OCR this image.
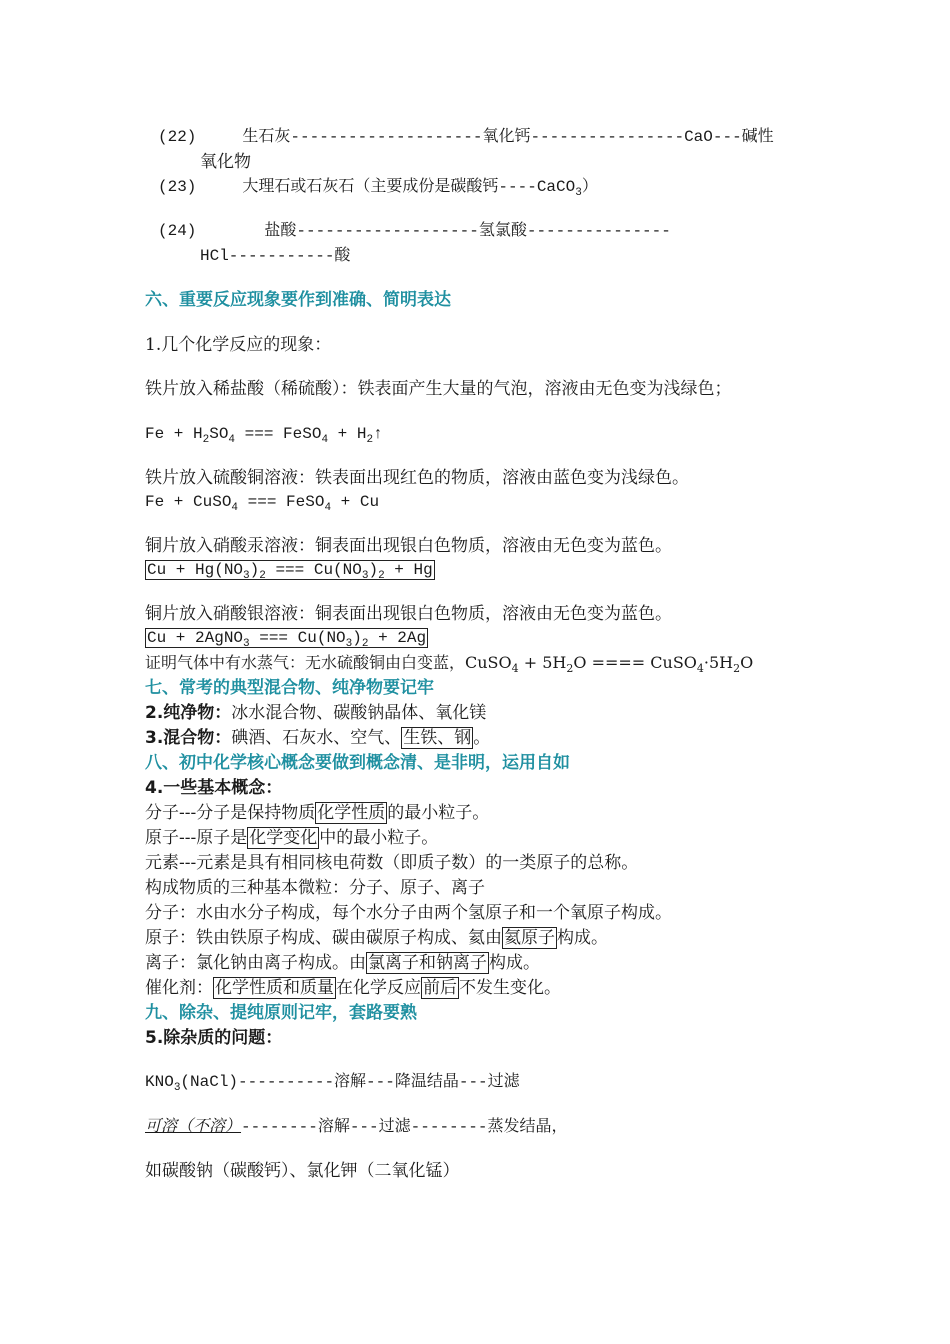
(22)	生石灰--------------------氧化钙----------------CaO---碱性
氧化物
(23)	大理石或石灰石（主要成份是碳酸钙----CaCO$_3$）
(24)	盐酸-------------------氢氯酸---------------
HCl-----------酸
六、重要反应现象要作到准确、简明表达
1.几个化学反应的现象：
铁片放入稀盐酸（稀硫酸）：铁表面产生大量的气泡，溶液由无色变为浅绿色；
$Fe + H_2SO_4$ === FeSO$_4$ + $H_2↑$
铁片放入硫酸铜溶液：铁表面出现红色的物质，溶液由蓝色变为浅绿色。
Fe + CuSO$_4$ === FeSO$_4$ + Cu
铜片放入硝酸汞溶液：铜表面出现银白色物质，溶液由无色变为蓝色。
$Cu + Hg(NO_3)_2$ === $Cu(NO_3)_2 + Hg$
铜片放入硝酸银溶液：铜表面出现银白色物质，溶液由无色变为蓝色。
Cu + 2AgNO$_3$ === $Cu(NO_3)_2 + 2Ag$
证明气体中有水蒸气：无水硫酸铜由白变蓝，CuSO$_4$ + $5H_2O$ ==== $CuSO_4\cdot 5H_2O$
七、常考的典型混合物、纯净物要记牢
2.纯净物：冰水混合物、碳酸钠晶体、氧化镁
3.混合物：碘酒、石灰水、空气、 生铁、钢 。
八、初中化学核心概念要做到概念清、是非明，运用自如
4.一些基本概念：
分子---分子是保持物质 化学性质 的最小粒子。
原子---原子是 化学变化 中的最小粒子。
元素---元素是具有相同核电荷数（即质子数）的一类原子的总称。
构成物质的三种基本微粒：分子、原子、离子
分子：水由水分子构成，每个水分子由两个氢原子和一个氧原子构成。
原子：铁由铁原子构成、碳由碳原子构成、氦由 氦原子 构成。
离子：氯化钠由离子构成。由 氯离子和钠离子 构成。
催化剂： 化学性质和质量 在化学反应 前后 不发生变化。
九、除杂、提纯原则记牢，套路要熟
5.除杂质的问题：
$KNO_3(NaCl)----------$溶解---降温结晶---过滤
可溶（不溶）--------溶解---过滤--------蒸发结晶，
如碳酸钠（碳酸钙）、氯化钾（二氧化锰）
